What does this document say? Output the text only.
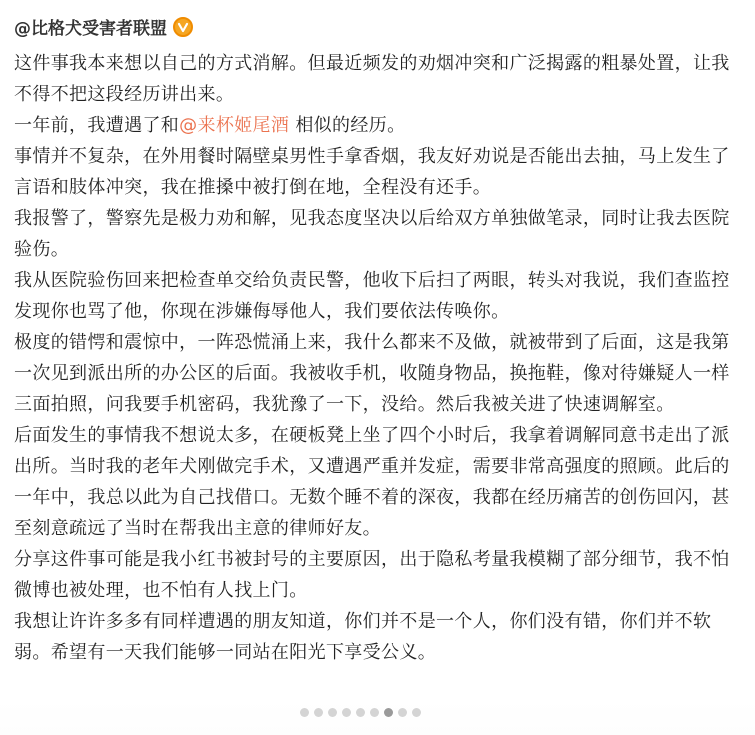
@比格犬受害者联盟

这件事我本来想以自己的方式消解。但最近频发的劝烟冲突和广泛揭露的粗暴处置，让我不得不把这段经历讲出来。

一年前，我遭遇了和@来杯姬尾酒 相似的经历。

事情并不复杂，在外用餐时隔壁桌男性手拿香烟，我友好劝说是否能出去抽，马上发生了言语和肢体冲突，我在推搡中被打倒在地，全程没有还手。

我报警了，警察先是极力劝和解，见我态度坚决以后给双方单独做笔录，同时让我去医院验伤。

我从医院验伤回来把检查单交给负责民警，他收下后扫了两眼，转头对我说，我们查监控发现你也骂了他，你现在涉嫌侮辱他人，我们要依法传唤你。

极度的错愕和震惊中，一阵恐慌涌上来，我什么都来不及做，就被带到了后面，这是我第一次见到派出所的办公区的后面。我被收手机，收随身物品，换拖鞋，像对待嫌疑人一样三面拍照，问我要手机密码，我犹豫了一下，没给。然后我被关进了快速调解室。

后面发生的事情我不想说太多，在硬板凳上坐了四个小时后，我拿着调解同意书走出了派出所。当时我的老年犬刚做完手术，又遭遇严重并发症，需要非常高强度的照顾。此后的一年中，我总以此为自己找借口。无数个睡不着的深夜，我都在经历痛苦的创伤回闪，甚至刻意疏远了当时在帮我出主意的律师好友。

分享这件事可能是我小红书被封号的主要原因，出于隐私考量我模糊了部分细节，我不怕微博也被处理，也不怕有人找上门。

我想让许许多多有同样遭遇的朋友知道，你们并不是一个人，你们没有错，你们并不软弱。希望有一天我们能够一同站在阳光下享受公义。
